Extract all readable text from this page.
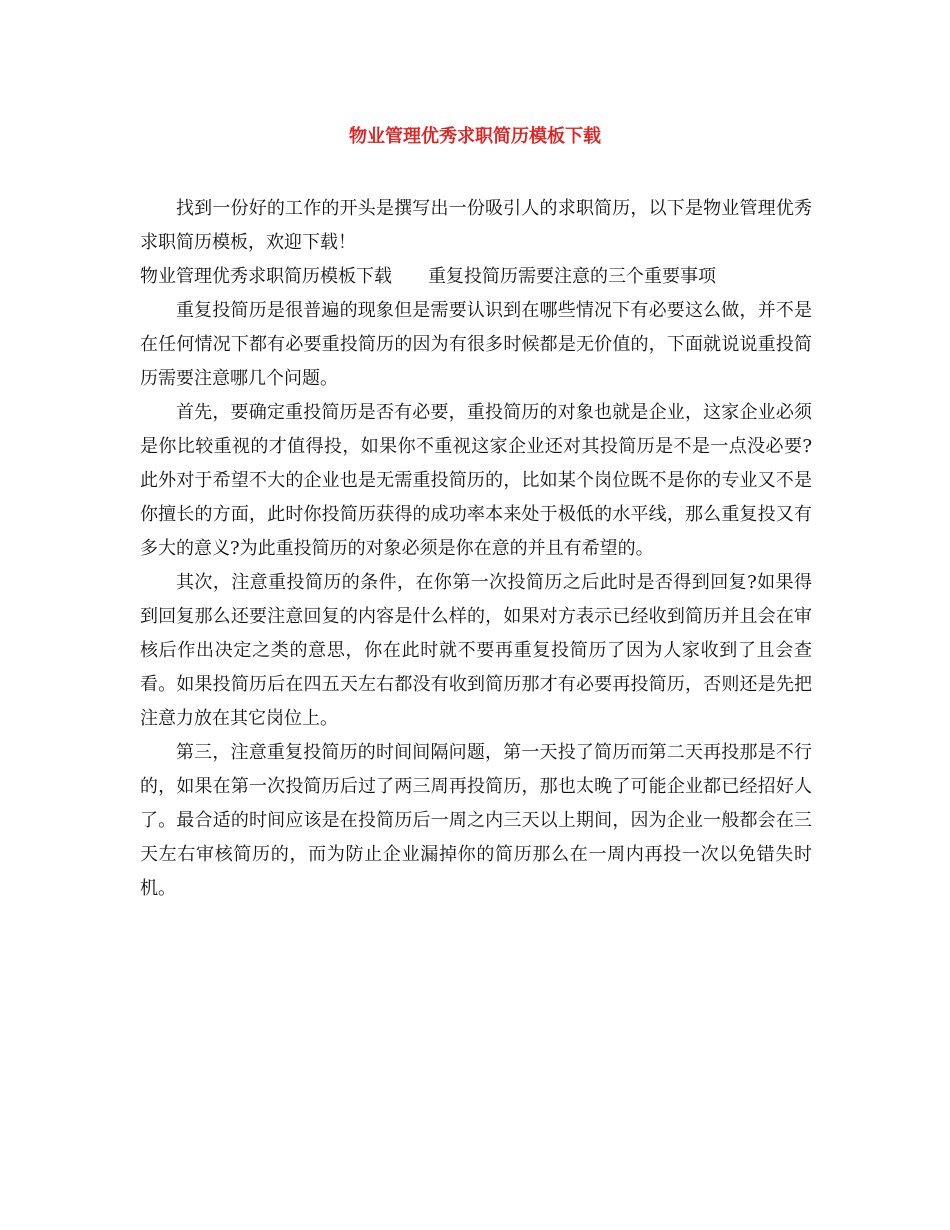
物业管理优秀求职简历模板下载

找到一份好的工作的开头是撰写出一份吸引人的求职简历，以下是物业管理优秀求职简历模板，欢迎下载！

物业管理优秀求职简历模板下载 重复投简历需要注意的三个重要事项

重复投简历是很普遍的现象但是需要认识到在哪些情况下有必要这么做，并不是在任何情况下都有必要重投简历的因为有很多时候都是无价值的，下面就说说重投简历需要注意哪几个问题。

首先，要确定重投简历是否有必要，重投简历的对象也就是企业，这家企业必须是你比较重视的才值得投，如果你不重视这家企业还对其投简历是不是一点没必要?此外对于希望不大的企业也是无需重投简历的，比如某个岗位既不是你的专业又不是你擅长的方面，此时你投简历获得的成功率本来处于极低的水平线，那么重复投又有多大的意义?为此重投简历的对象必须是你在意的并且有希望的。

其次，注意重投简历的条件，在你第一次投简历之后此时是否得到回复?如果得到回复那么还要注意回复的内容是什么样的，如果对方表示已经收到简历并且会在审核后作出决定之类的意思，你在此时就不要再重复投简历了因为人家收到了且会查看。如果投简历后在四五天左右都没有收到简历那才有必要再投简历，否则还是先把注意力放在其它岗位上。

第三，注意重复投简历的时间间隔问题，第一天投了简历而第二天再投那是不行的，如果在第一次投简历后过了两三周再投简历，那也太晚了可能企业都已经招好人了。最合适的时间应该是在投简历后一周之内三天以上期间，因为企业一般都会在三天左右审核简历的，而为防止企业漏掉你的简历那么在一周内再投一次以免错失时机。
